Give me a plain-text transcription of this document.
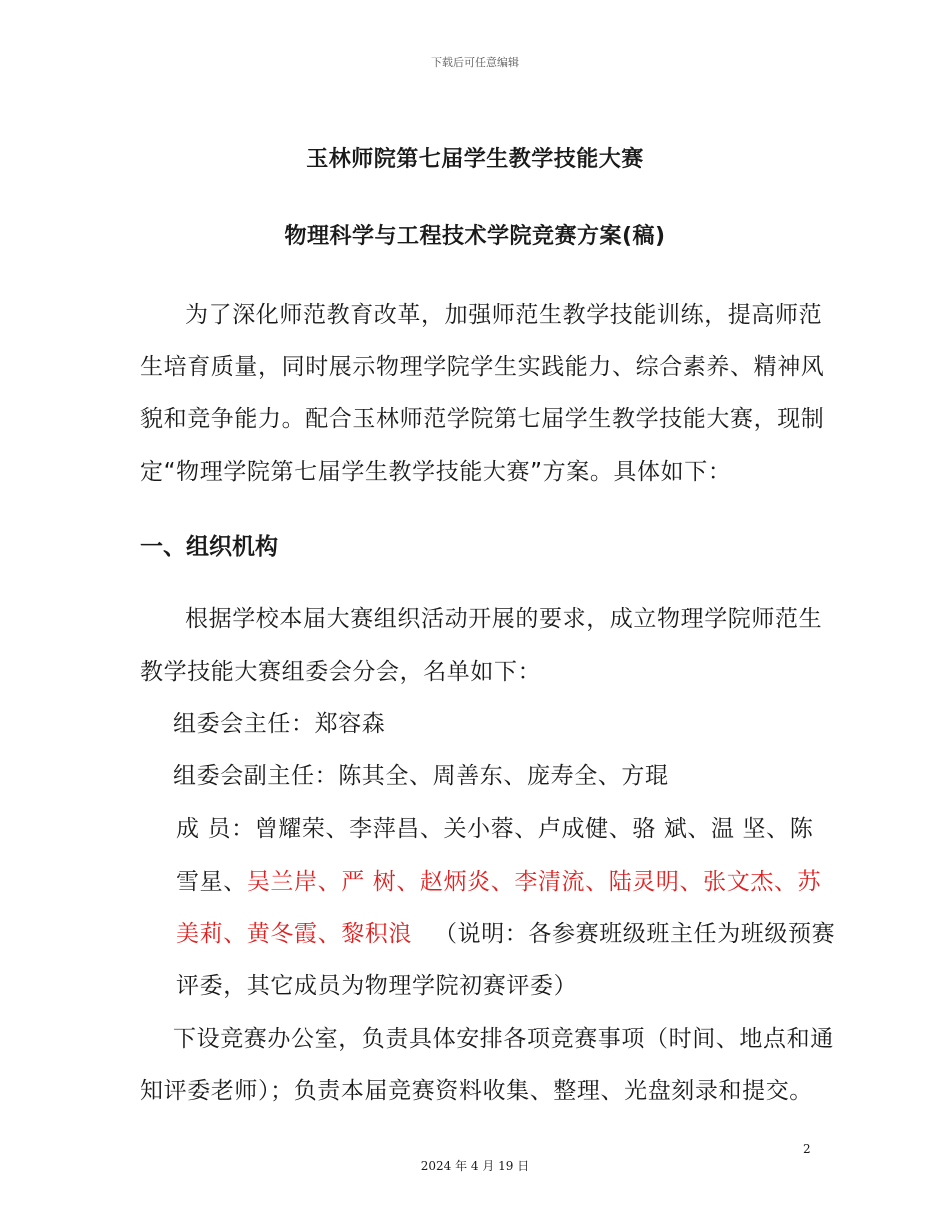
下载后可任意编辑
玉林师院第七届学生教学技能大赛
物理科学与工程技术学院竞赛方案(稿)
为了深化师范教育改革，加强师范生教学技能训练，提高师范
生培育质量，同时展示物理学院学生实践能力、综合素养、精神风
貌和竞争能力。配合玉林师范学院第七届学生教学技能大赛，现制
定“物理学院第七届学生教学技能大赛”方案。具体如下：
一、组织机构
根据学校本届大赛组织活动开展的要求，成立物理学院师范生
教学技能大赛组委会分会，名单如下：
组委会主任：郑容森
组委会副主任：陈其全、周善东、庞寿全、方琨
成 员：曾耀荣、李萍昌、关小蓉、卢成健、骆 斌、温 坚、陈
雪星、吴兰岸、严 树、赵炳炎、李清流、陆灵明、张文杰、苏
美莉、黄冬霞、黎积浪 （说明：各参赛班级班主任为班级预赛
评委，其它成员为物理学院初赛评委）
下设竞赛办公室，负责具体安排各项竞赛事项（时间、地点和通
知评委老师）；负责本届竞赛资料收集、整理、光盘刻录和提交。
2
2024 年 4 月 19 日
